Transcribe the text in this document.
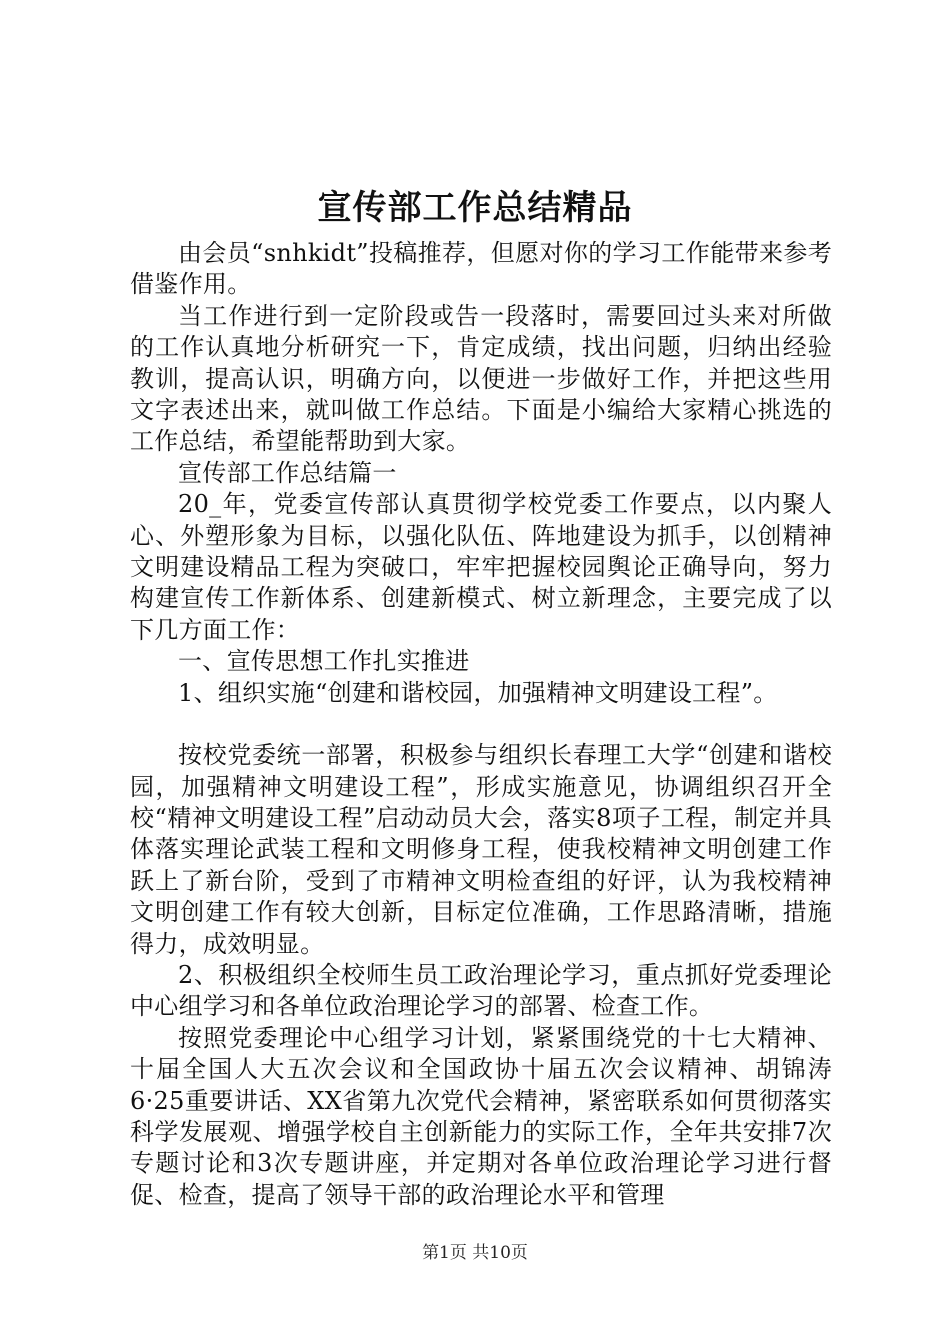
宣传部工作总结精品

由会员“snhkidt”投稿推荐，但愿对你的学习工作能带来参考借鉴作用。

当工作进行到一定阶段或告一段落时，需要回过头来对所做的工作认真地分析研究一下，肯定成绩，找出问题，归纳出经验教训，提高认识，明确方向，以便进一步做好工作，并把这些用文字表述出来，就叫做工作总结。下面是小编给大家精心挑选的工作总结，希望能帮助到大家。

宣传部工作总结篇一

20_年，党委宣传部认真贯彻学校党委工作要点，以内聚人心、外塑形象为目标，以强化队伍、阵地建设为抓手，以创精神文明建设精品工程为突破口，牢牢把握校园舆论正确导向，努力构建宣传工作新体系、创建新模式、树立新理念，主要完成了以下几方面工作：

一、宣传思想工作扎实推进

1、组织实施“创建和谐校园，加强精神文明建设工程”。

按校党委统一部署，积极参与组织长春理工大学“创建和谐校园，加强精神文明建设工程”，形成实施意见，协调组织召开全校“精神文明建设工程”启动动员大会，落实8项子工程，制定并具体落实理论武装工程和文明修身工程，使我校精神文明创建工作跃上了新台阶，受到了市精神文明检查组的好评，认为我校精神文明创建工作有较大创新，目标定位准确，工作思路清晰，措施得力，成效明显。

2、积极组织全校师生员工政治理论学习，重点抓好党委理论中心组学习和各单位政治理论学习的部署、检查工作。

按照党委理论中心组学习计划，紧紧围绕党的十七大精神、十届全国人大五次会议和全国政协十届五次会议精神、胡锦涛6·25重要讲话、XX省第九次党代会精神，紧密联系如何贯彻落实科学发展观、增强学校自主创新能力的实际工作，全年共安排7次专题讨论和3次专题讲座，并定期对各单位政治理论学习进行督促、检查，提高了领导干部的政治理论水平和管理

第1页 共10页
